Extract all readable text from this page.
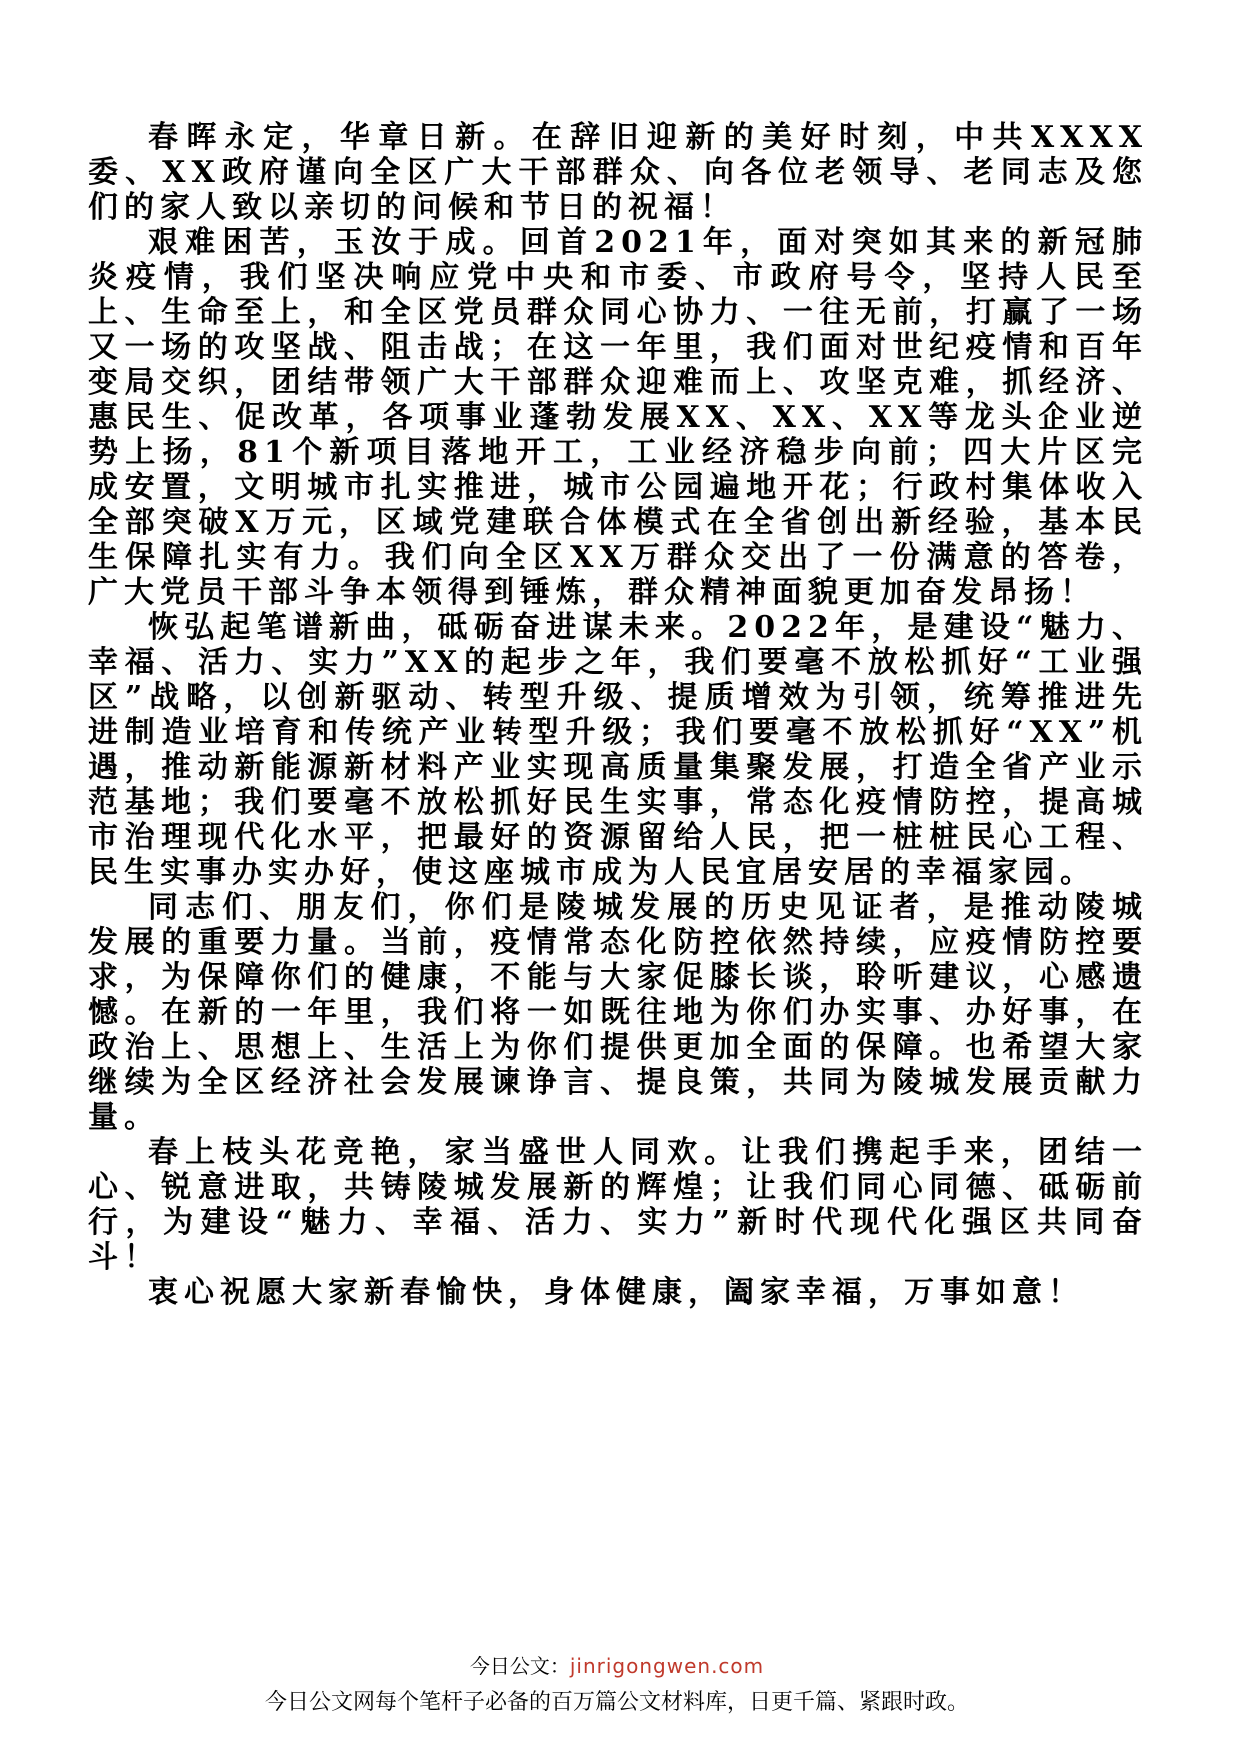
春晖永定，华章日新。在辞旧迎新的美好时刻，中共XXXX委、XX政府谨向全区广大干部群众、向各位老领导、老同志及您们的家人致以亲切的问候和节日的祝福！

艰难困苦，玉汝于成。回首2021年，面对突如其来的新冠肺炎疫情，我们坚决响应党中央和市委、市政府号令，坚持人民至上、生命至上，和全区党员群众同心协力、一往无前，打赢了一场又一场的攻坚战、阻击战；在这一年里，我们面对世纪疫情和百年变局交织，团结带领广大干部群众迎难而上、攻坚克难，抓经济、惠民生、促改革，各项事业蓬勃发展XX、XX、XX等龙头企业逆势上扬，81个新项目落地开工，工业经济稳步向前；四大片区完成安置，文明城市扎实推进，城市公园遍地开花；行政村集体收入全部突破X万元，区域党建联合体模式在全省创出新经验，基本民生保障扎实有力。我们向全区XX万群众交出了一份满意的答卷，广大党员干部斗争本领得到锤炼，群众精神面貌更加奋发昂扬！

恢弘起笔谱新曲，砥砺奋进谋未来。2022年，是建设“魅力、幸福、活力、实力”XX的起步之年，我们要毫不放松抓好“工业强区”战略，以创新驱动、转型升级、提质增效为引领，统筹推进先进制造业培育和传统产业转型升级；我们要毫不放松抓好“XX”机遇，推动新能源新材料产业实现高质量集聚发展，打造全省产业示范基地；我们要毫不放松抓好民生实事，常态化疫情防控，提高城市治理现代化水平，把最好的资源留给人民，把一桩桩民心工程、民生实事办实办好，使这座城市成为人民宜居安居的幸福家园。

同志们、朋友们，你们是陵城发展的历史见证者，是推动陵城发展的重要力量。当前，疫情常态化防控依然持续，应疫情防控要求，为保障你们的健康，不能与大家促膝长谈，聆听建议，心感遗憾。在新的一年里，我们将一如既往地为你们办实事、办好事，在政治上、思想上、生活上为你们提供更加全面的保障。也希望大家继续为全区经济社会发展谏诤言、提良策，共同为陵城发展贡献力量。

春上枝头花竞艳，家当盛世人同欢。让我们携起手来，团结一心、锐意进取，共铸陵城发展新的辉煌；让我们同心同德、砥砺前行，为建设“魅力、幸福、活力、实力”新时代现代化强区共同奋斗！

衷心祝愿大家新春愉快，身体健康，阖家幸福，万事如意！

今日公文：jinrigongwen.com
今日公文网每个笔杆子必备的百万篇公文材料库，日更千篇、紧跟时政。
